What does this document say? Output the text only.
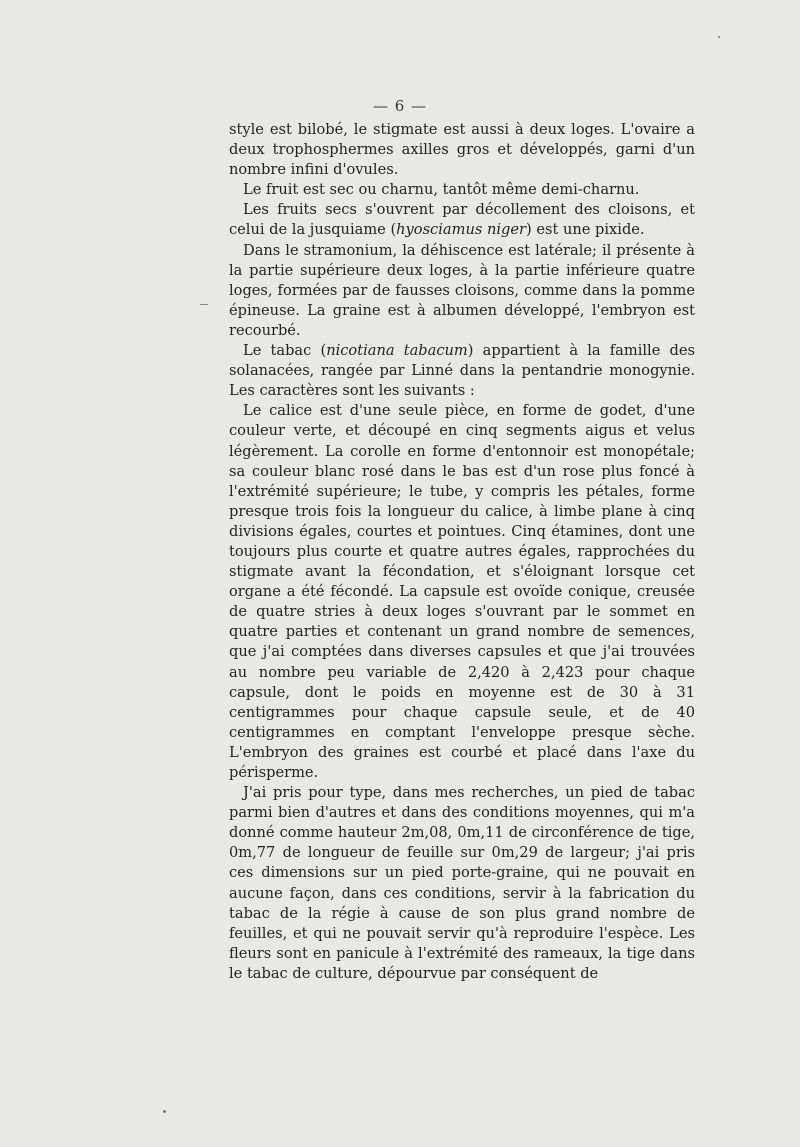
— 6 —

style est bilobé, le stigmate est aussi à deux loges. L'ovaire a deux trophosphermes axilles gros et développés, garni d'un nombre infini d'ovules.

Le fruit est sec ou charnu, tantôt même demi-charnu.

Les fruits secs s'ouvrent par décollement des cloisons, et celui de la jusquiame (hyosciamus niger) est une pixide.

Dans le stramonium, la déhiscence est latérale; il présente à la partie supérieure deux loges, à la partie inférieure quatre loges, formées par de fausses cloisons, comme dans la pomme épineuse. La graine est à albumen développé, l'embryon est recourbé.

Le tabac (nicotiana tabacum) appartient à la famille des solanacées, rangée par Linné dans la pentandrie monogynie. Les caractères sont les suivants :

Le calice est d'une seule pièce, en forme de godet, d'une couleur verte, et découpé en cinq segments aigus et velus légèrement. La corolle en forme d'entonnoir est monopétale; sa couleur blanc rosé dans le bas est d'un rose plus foncé à l'extrémité supérieure; le tube, y compris les pétales, forme presque trois fois la longueur du calice, à limbe plane à cinq divisions égales, courtes et pointues. Cinq étamines, dont une toujours plus courte et quatre autres égales, rapprochées du stigmate avant la fécondation, et s'éloignant lorsque cet organe a été fécondé. La capsule est ovoïde conique, creusée de quatre stries à deux loges s'ouvrant par le sommet en quatre parties et contenant un grand nombre de semences, que j'ai comptées dans diverses capsules et que j'ai trouvées au nombre peu variable de 2,420 à 2,423 pour chaque capsule, dont le poids en moyenne est de 30 à 31 centigrammes pour chaque capsule seule, et de 40 centigrammes en comptant l'enveloppe presque sèche. L'embryon des graines est courbé et placé dans l'axe du périsperme.

J'ai pris pour type, dans mes recherches, un pied de tabac parmi bien d'autres et dans des conditions moyennes, qui m'a donné comme hauteur 2m,08, 0m,11 de circonférence de tige, 0m,77 de longueur de feuille sur 0m,29 de largeur; j'ai pris ces dimensions sur un pied porte-graine, qui ne pouvait en aucune façon, dans ces conditions, servir à la fabrication du tabac de la régie à cause de son plus grand nombre de feuilles, et qui ne pouvait servir qu'à reproduire l'espèce. Les fleurs sont en panicule à l'extrémité des rameaux, la tige dans le tabac de culture, dépourvue par conséquent de
